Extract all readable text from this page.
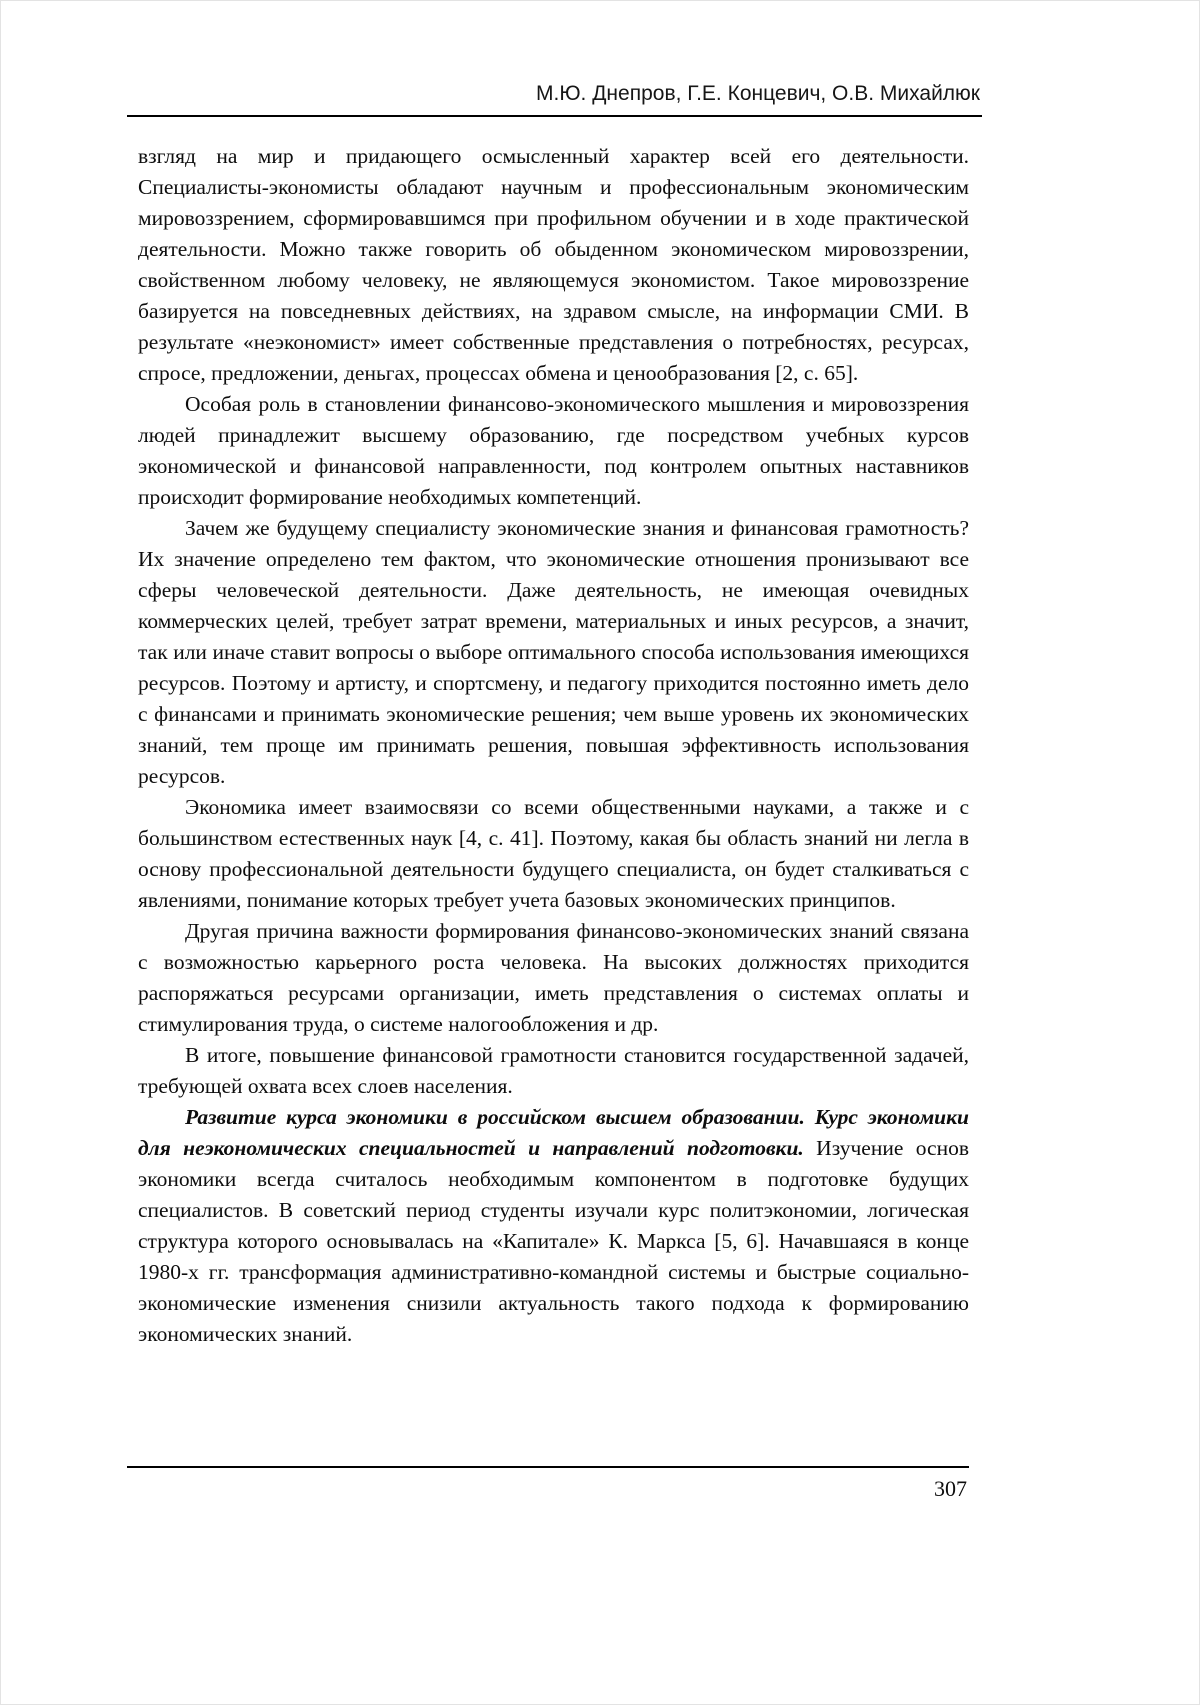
М.Ю. Днепров, Г.Е. Концевич, О.В. Михайлюк

взгляд на мир и придающего осмысленный характер всей его деятельности. Специалисты-экономисты обладают научным и профессиональным экономическим мировоззрением, сформировавшимся при профильном обучении и в ходе практической деятельности. Можно также говорить об обыденном экономическом мировоззрении, свойственном любому человеку, не являющемуся экономистом. Такое мировоззрение базируется на повседневных действиях, на здравом смысле, на информации СМИ. В результате «неэкономист» имеет собственные представления о потребностях, ресурсах, спросе, предложении, деньгах, процессах обмена и ценообразования [2, с. 65].

Особая роль в становлении финансово-экономического мышления и мировоззрения людей принадлежит высшему образованию, где посредством учебных курсов экономической и финансовой направленности, под контролем опытных наставников происходит формирование необходимых компетенций.

Зачем же будущему специалисту экономические знания и финансовая грамотность? Их значение определено тем фактом, что экономические отношения пронизывают все сферы человеческой деятельности. Даже деятельность, не имеющая очевидных коммерческих целей, требует затрат времени, материальных и иных ресурсов, а значит, так или иначе ставит вопросы о выборе оптимального способа использования имеющихся ресурсов. Поэтому и артисту, и спортсмену, и педагогу приходится постоянно иметь дело с финансами и принимать экономические решения; чем выше уровень их экономических знаний, тем проще им принимать решения, повышая эффективность использования ресурсов.

Экономика имеет взаимосвязи со всеми общественными науками, а также и с большинством естественных наук [4, с. 41]. Поэтому, какая бы область знаний ни легла в основу профессиональной деятельности будущего специалиста, он будет сталкиваться с явлениями, понимание которых требует учета базовых экономических принципов.

Другая причина важности формирования финансово-экономических знаний связана с возможностью карьерного роста человека. На высоких должностях приходится распоряжаться ресурсами организации, иметь представления о системах оплаты и стимулирования труда, о системе налогообложения и др.

В итоге, повышение финансовой грамотности становится государственной задачей, требующей охвата всех слоев населения.

Развитие курса экономики в российском высшем образовании. Курс экономики для неэкономических специальностей и направлений подготовки. Изучение основ экономики всегда считалось необходимым компонентом в подготовке будущих специалистов. В советский период студенты изучали курс политэкономии, логическая структура которого основывалась на «Капитале» К. Маркса [5, 6]. Начавшаяся в конце 1980-х гг. трансформация административно-командной системы и быстрые социально-экономические изменения снизили актуальность такого подхода к формированию экономических знаний.

307
